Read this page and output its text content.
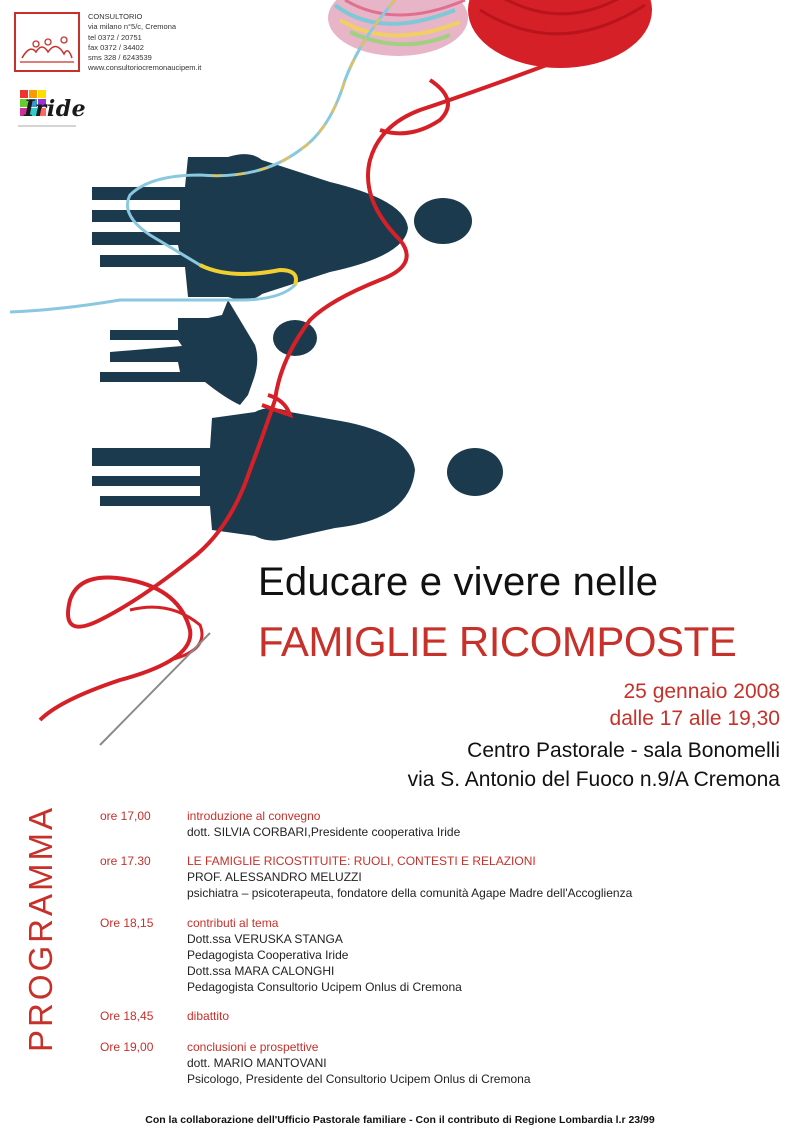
CONSULTORIO
via milano n°5/c, Cremona
tel 0372 / 20751
fax 0372 / 34402
sms 328 / 6243539
www.consultoriocremonaucipem.it
Iride
Educare e vivere nelle
FAMIGLIE RICOMPOSTE
25 gennaio 2008
dalle 17 alle 19,30
Centro Pastorale - sala Bonomelli
via S. Antonio del Fuoco n.9/A Cremona
PROGRAMMA	ore 17,00	introduzione al convegno
dott. SILVIA CORBARI,Presidente cooperativa Iride
ore 17.30	LE FAMIGLIE RICOSTITUITE: RUOLI, CONTESTI E RELAZIONI
PROF. ALESSANDRO MELUZZI
psichiatra – psicoterapeuta, fondatore della comunità Agape Madre dell'Accoglienza
Ore 18,15	contributi al tema
Dott.ssa VERUSKA STANGA
Pedagogista Cooperativa Iride
Dott.ssa MARA CALONGHI
Pedagogista Consultorio Ucipem Onlus di Cremona
Ore 18,45	dibattito
Ore 19,00	conclusioni e prospettive
dott. MARIO MANTOVANI
Psicologo, Presidente del Consultorio Ucipem Onlus di Cremona
Con la collaborazione dell'Ufficio Pastorale familiare - Con il contributo di Regione Lombardia l.r 23/99
